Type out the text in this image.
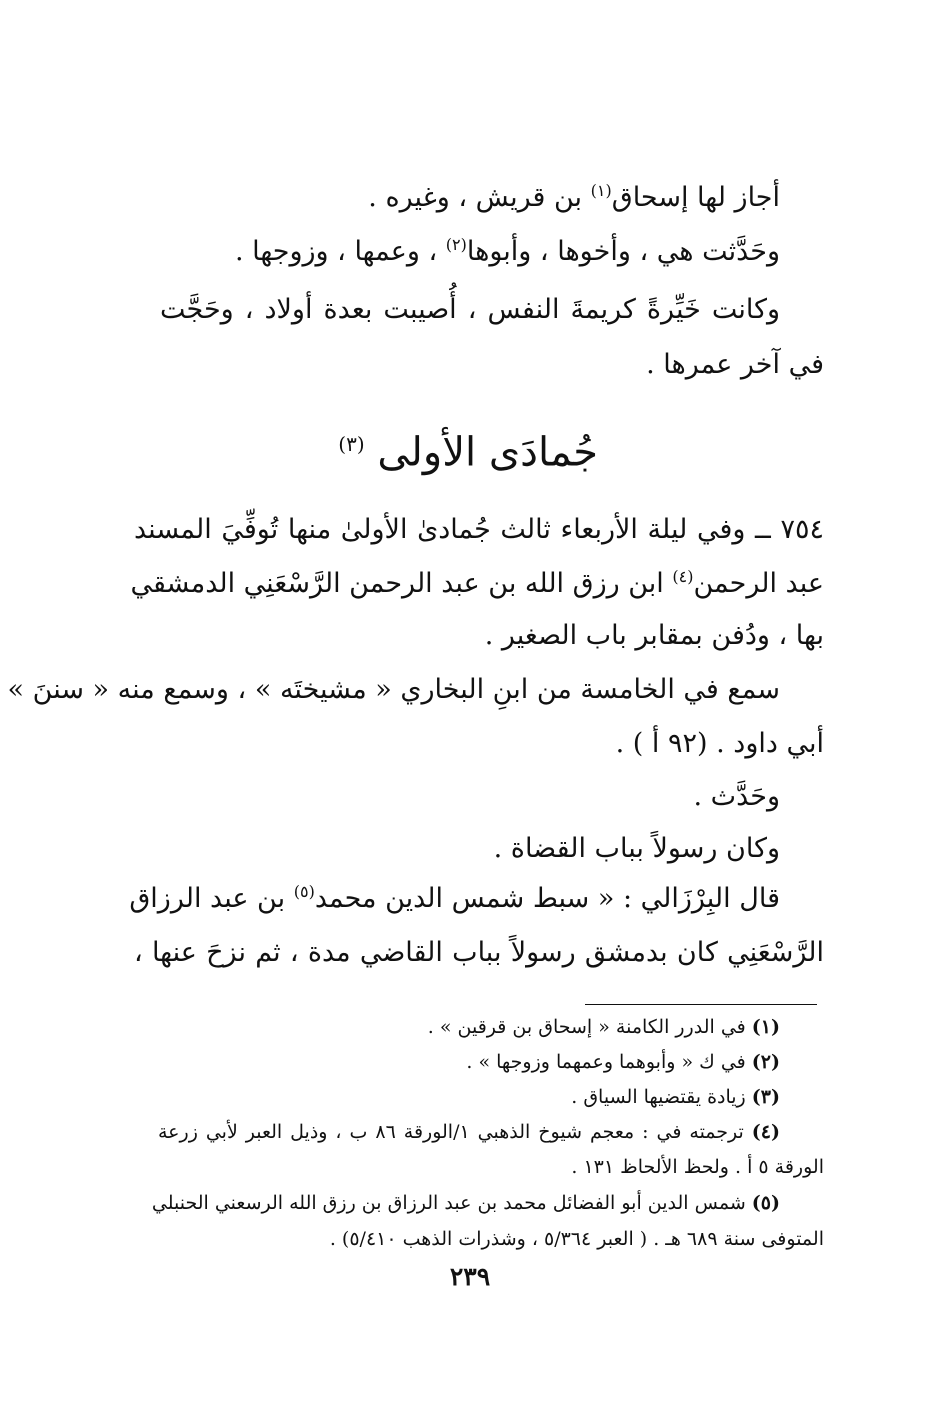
أجاز لها إسحاق$^{(١)}$ بن قريش ، وغيره .
وحَدَّثت هي ، وأخوها ، وأبوها$^{(٢)}$ ، وعمها ، وزوجها .
وكانت خَيِّرةً كريمةَ النفس ، أُصيبت بعدة أولاد ، وحَجَّت
في آخر عمرها .
جُمادَى الأولى $^{(٣)}$
٧٥٤ ــ وفي ليلة الأربعاء ثالث جُمادىٰ الأولىٰ منها تُوفِّيَ المسند
عبد الرحمن$^{(٤)}$ ابن رزق الله بن عبد الرحمن الرَّسْعَنِي الدمشقي
بها ، ودُفن بمقابر باب الصغير .
سمع في الخامسة من ابنِ البخاري « مشيختَه » ، وسمع منه « سننَ »
أبي داود . (٩٢ أ ) .
وحَدَّث .
وكان رسولاً بباب القضاة .
قال البِرْزَالي : « سبط شمس الدين محمد$^{(٥)}$ بن عبد الرزاق
الرَّسْعَنِي كان بدمشق رسولاً بباب القاضي مدة ، ثم نزحَ عنها ،
(١) في الدرر الكامنة « إسحاق بن قرقين » .
(٢) في ك « وأبوهما وعمهما وزوجها » .
(٣) زيادة يقتضيها السياق .
(٤) ترجمته في : معجم شيوخ الذهبي ١/الورقة ٨٦ ب ، وذيل العبر لأبي زرعة
الورقة ٥ أ . ولحظ الألحاظ ١٣١ .
(٥) شمس الدين أبو الفضائل محمد بن عبد الرزاق بن رزق الله الرسعني الحنبلي
المتوفى سنة ٦٨٩ هـ . ( العبر ٥/٣٦٤ ، وشذرات الذهب ٥/٤١٠) .
٢٣٩
